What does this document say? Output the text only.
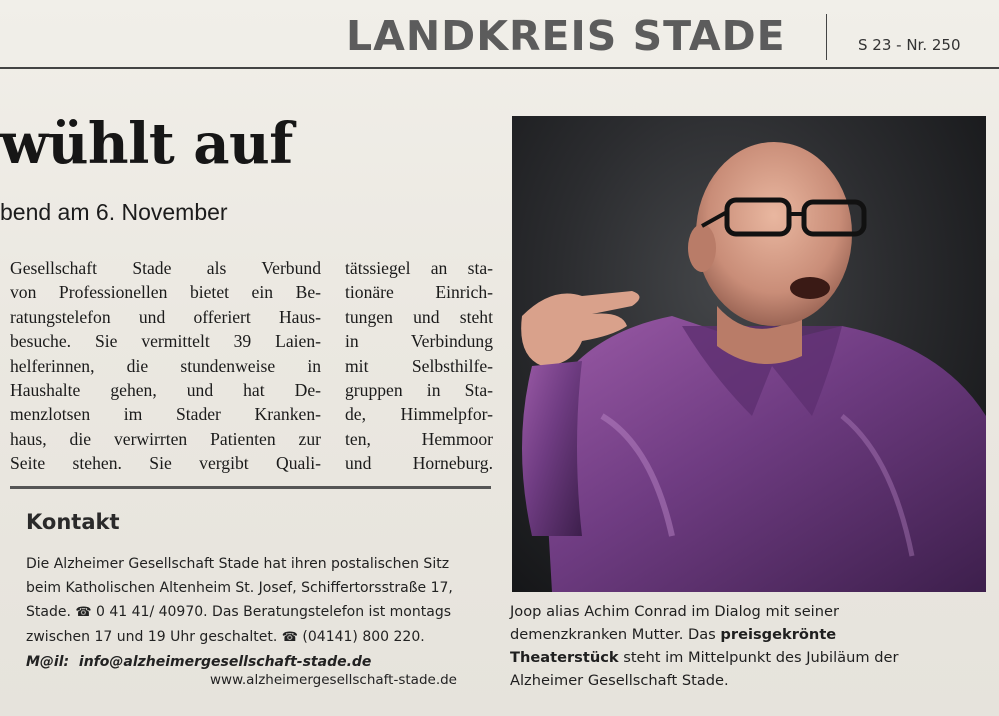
LANDKREIS STADE	S 23 - Nr. 250
wühlt auf
bend am 6. November
Gesellschaft Stade als Verbund
von Professionellen bietet ein Be-
ratungstelefon und offeriert Haus-
besuche. Sie vermittelt 39 Laien-
helferinnen, die stundenweise in
Haushalte gehen, und hat De-
menzlotsen im Stader Kranken-
haus, die verwirrten Patienten zur
Seite stehen. Sie vergibt Quali-
tätssiegel an sta-
tionäre Einrich-
tungen und steht
in Verbindung
mit Selbsthilfe-
gruppen in Sta-
de, Himmelpfor-
ten, Hemmoor
und Horneburg.
Kontakt
Die Alzheimer Gesellschaft Stade hat ihren postalischen Sitz
beim Katholischen Altenheim St. Josef, Schiffertorsstraße 17,
Stade. ☎ 0 41 41/ 40970. Das Beratungstelefon ist montags
zwischen 17 und 19 Uhr geschaltet. ☎ (04141) 800 220.
M@il: info@alzheimergesellschaft-stade.de
www.alzheimergesellschaft-stade.de
Joop alias Achim Conrad im Dialog mit seiner
demenzkranken Mutter. Das preisgekrönte
Theaterstück steht im Mittelpunkt des Jubiläum der
Alzheimer Gesellschaft Stade.
